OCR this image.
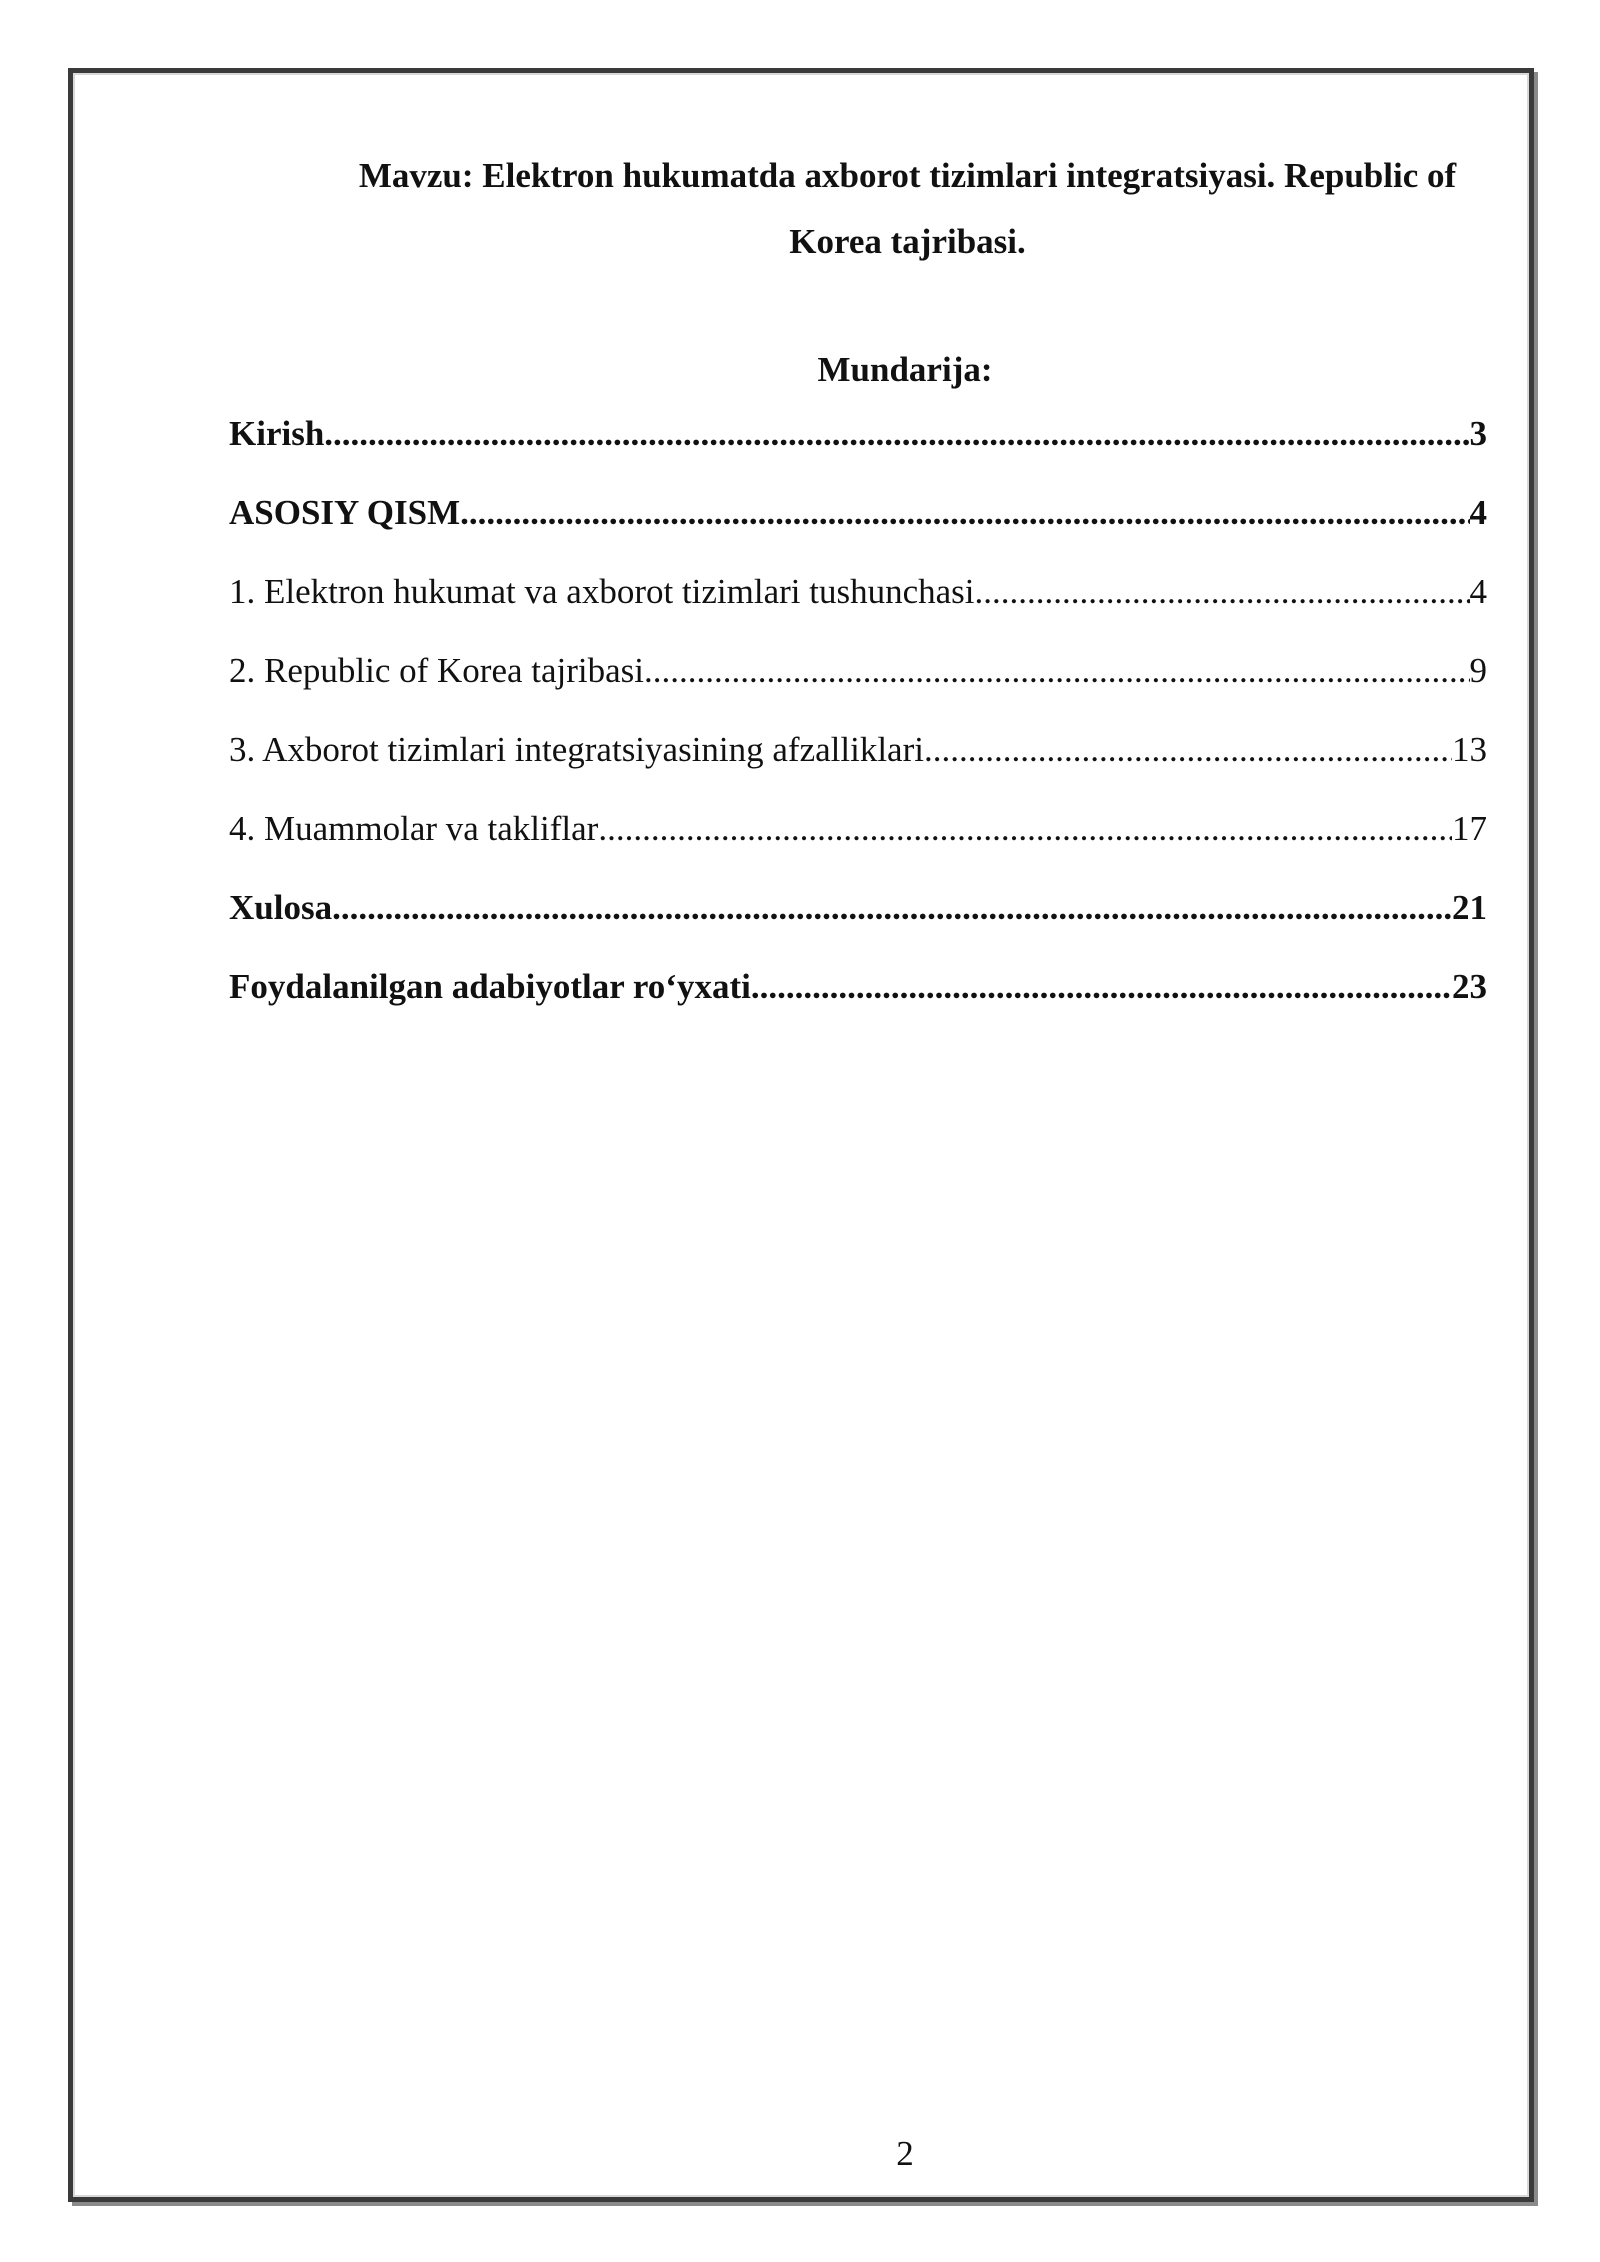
Mavzu: Elektron hukumatda axborot tizimlari integratsiyasi. Republic of Korea tajribasi.
Mundarija:
Kirish .....	3
ASOSIY QISM .....	4
1. Elektron hukumat va axborot tizimlari tushunchasi .....	4
2. Republic of Korea tajribasi .....	9
3. Axborot tizimlari integratsiyasining afzalliklari .....	13
4. Muammolar va takliflar .....	17
Xulosa .....	21
Foydalanilgan adabiyotlar ro‘yxati .....	23
2
